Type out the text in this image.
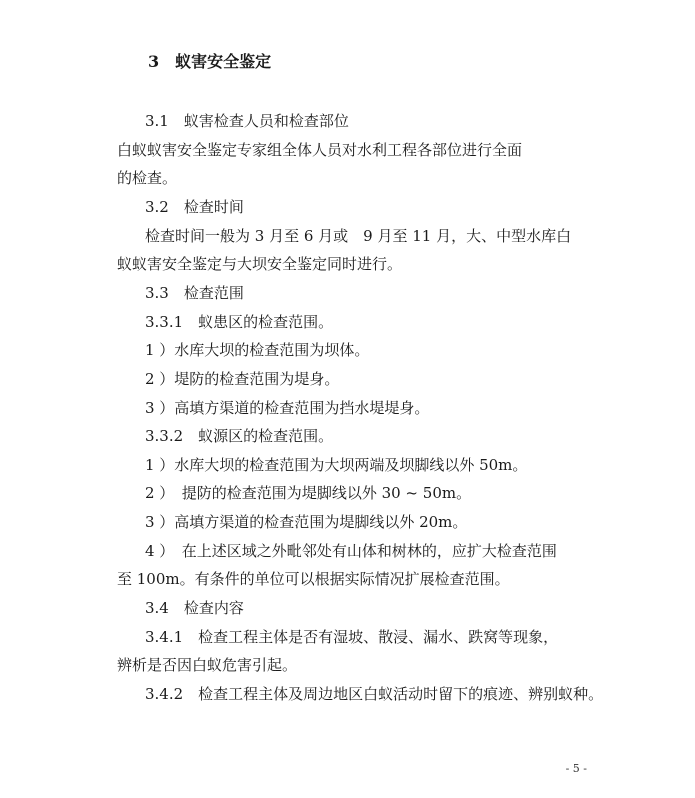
3　蚁害安全鉴定
3.1　蚁害检查人员和检查部位
白蚁蚁害安全鉴定专家组全体人员对水利工程各部位进行全面
的检查。
3.2　检查时间
检查时间一般为 3 月至 6 月或　9 月至 11 月，大、中型水库白
蚁蚁害安全鉴定与大坝安全鉴定同时进行。
3.3　检查范围
3.3.1　蚁患区的检查范围。
1 ）水库大坝的检查范围为坝体。
2 ）堤防的检查范围为堤身。
3 ）高填方渠道的检查范围为挡水堤堤身。
3.3.2　蚁源区的检查范围。
1 ）水库大坝的检查范围为大坝两端及坝脚线以外 50m。
2 ）　提防的检查范围为堤脚线以外 30 ~ 50m。
3 ）高填方渠道的检查范围为堤脚线以外 20m。
4 ）　在上述区域之外毗邻处有山体和树林的，应扩大检查范围
至 100m。有条件的单位可以根据实际情况扩展检查范围。
3.4　检查内容
3.4.1　检查工程主体是否有湿坡、散浸、漏水、跌窝等现象，
辨析是否因白蚁危害引起。
3.4.2　检查工程主体及周边地区白蚁活动时留下的痕迹、辨别蚁种。
- 5 -
